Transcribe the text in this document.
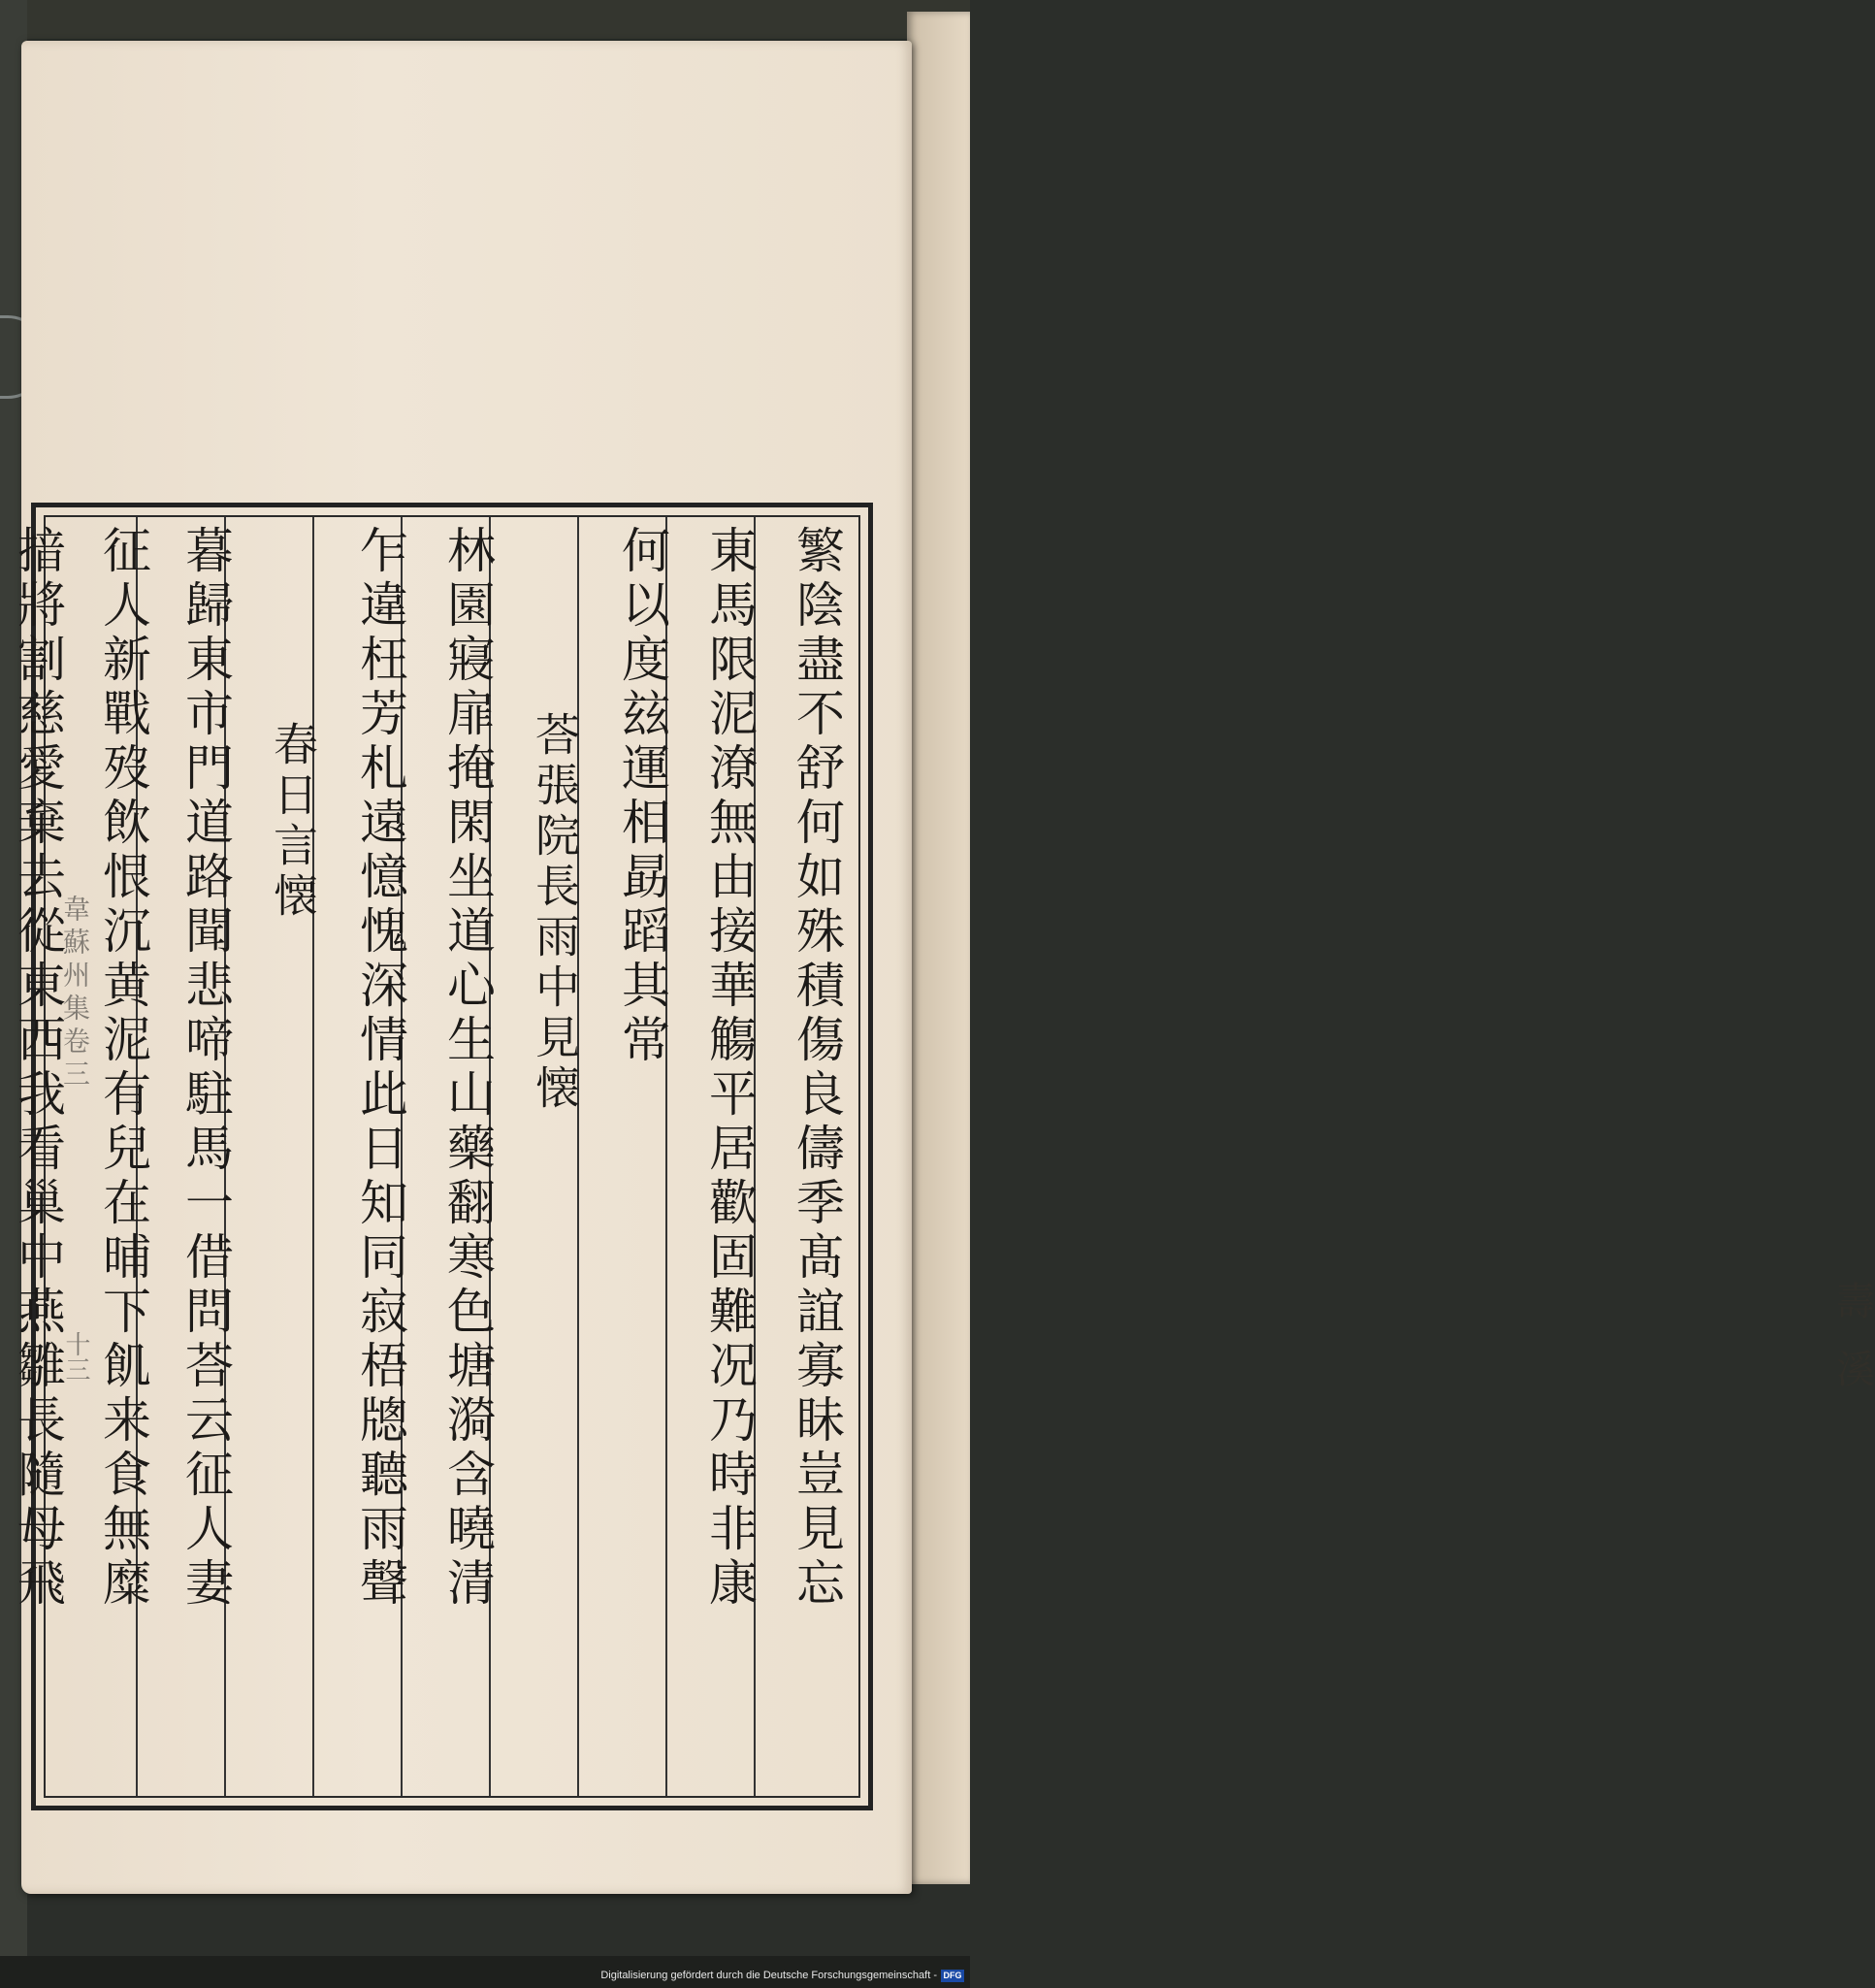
壽
溪
韋蘇州集卷三
十三	繁陰盡不舒何如殊積傷良儔季髙誼寡眛豈見忘
東馬限泥潦無由接華觴平居歡固難况乃時非康
何以度玆運相勗蹈其常
荅張院長雨中見懐
林園寢扉掩閑坐道心生山藥翻寒色塘漪含曉清
乍違枉芳札遠憶愧深情此日知同寂梧牕聽雨聲
春日言懐
暮歸東市門道路聞悲啼駐馬一借問荅云征人妻
征人新戰歿飲恨沉黄泥有兒在晡下飢来食無糜
揞將割慈愛棄去從東西我看巢中燕雛長隨母飛
Digitalisierung gefördert durch die Deutsche Forschungsgemeinschaft - DFG
